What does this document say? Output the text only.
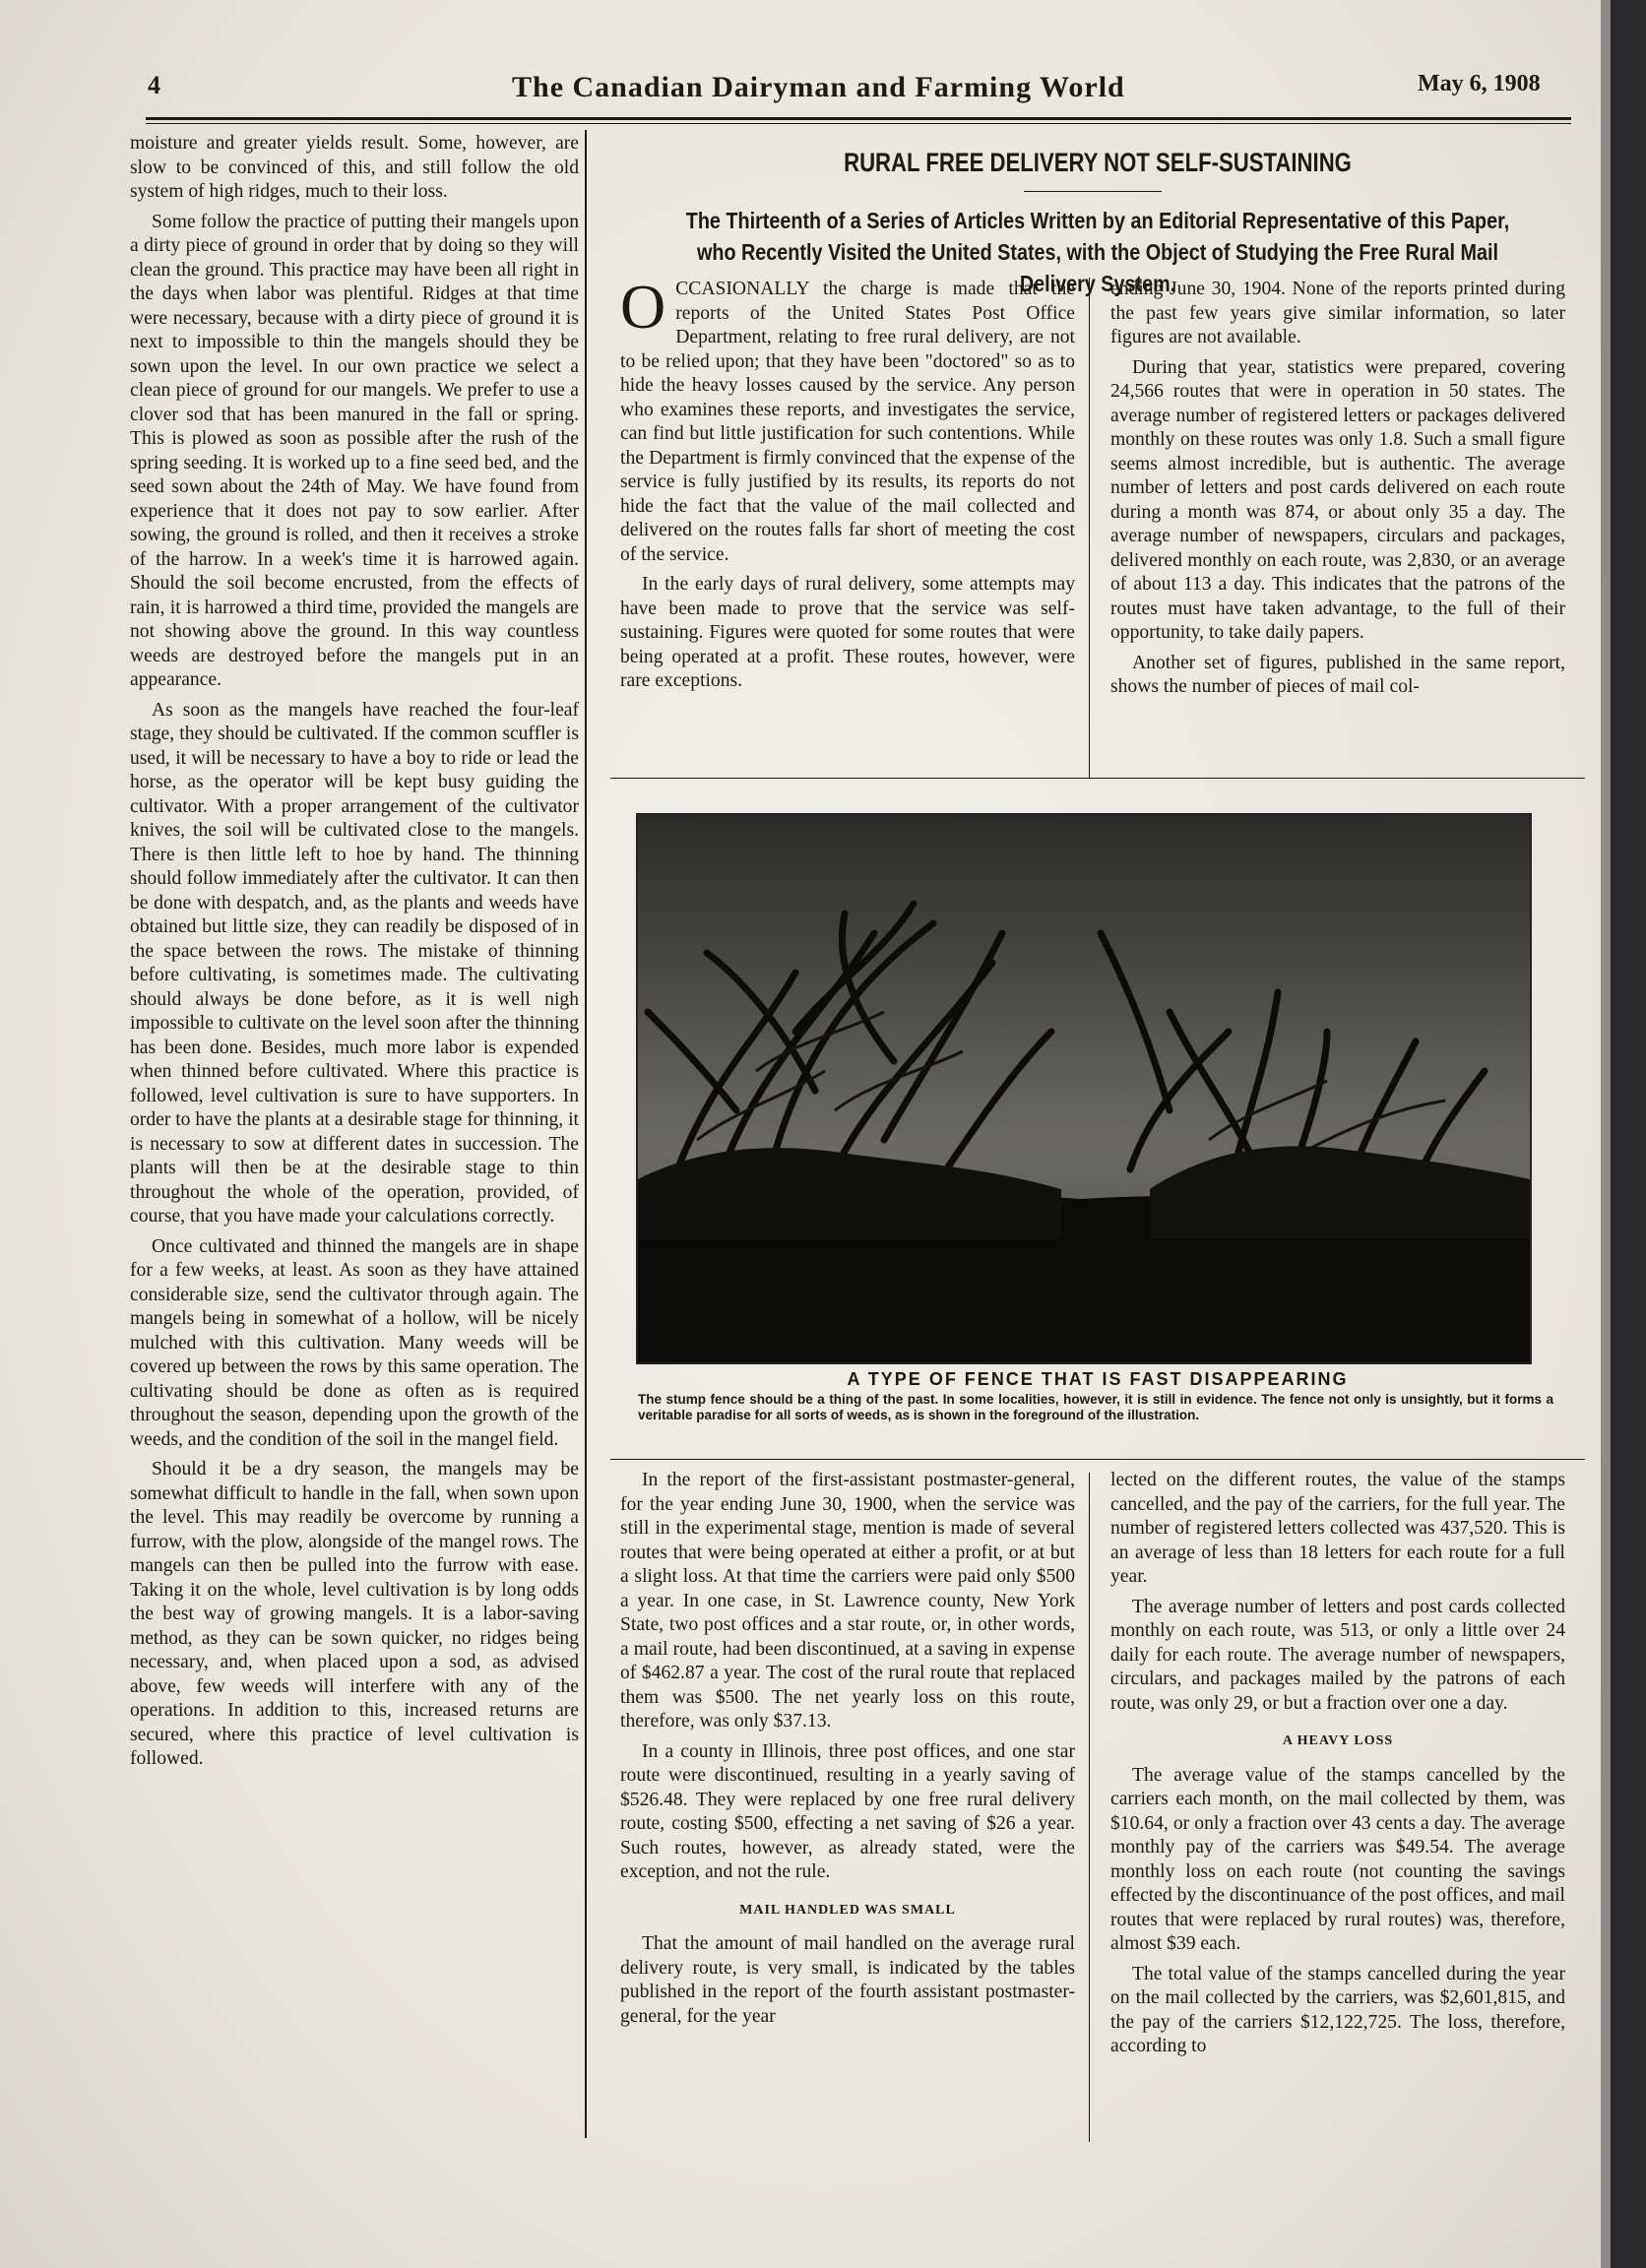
4	The Canadian Dairyman and Farming World	May 6, 1908

moisture and greater yields result. Some, however, are slow to be convinced of this, and still follow the old system of high ridges, much to their loss.

Some follow the practice of putting their mangels upon a dirty piece of ground in order that by doing so they will clean the ground. This practice may have been all right in the days when labor was plentiful. Ridges at that time were necessary, because with a dirty piece of ground it is next to impossible to thin the mangels should they be sown upon the level. In our own practice we select a clean piece of ground for our mangels. We prefer to use a clover sod that has been manured in the fall or spring. This is plowed as soon as possible after the rush of the spring seeding. It is worked up to a fine seed bed, and the seed sown about the 24th of May. We have found from experience that it does not pay to sow earlier. After sowing, the ground is rolled, and then it receives a stroke of the harrow. In a week's time it is harrowed again. Should the soil become encrusted, from the effects of rain, it is harrowed a third time, provided the mangels are not showing above the ground. In this way countless weeds are destroyed before the mangels put in an appearance.

As soon as the mangels have reached the four-leaf stage, they should be cultivated. If the common scuffler is used, it will be necessary to have a boy to ride or lead the horse, as the operator will be kept busy guiding the cultivator. With a proper arrangement of the cultivator knives, the soil will be cultivated close to the mangels. There is then little left to hoe by hand. The thinning should follow immediately after the cultivator. It can then be done with despatch, and, as the plants and weeds have obtained but little size, they can readily be disposed of in the space between the rows. The mistake of thinning before cultivating, is sometimes made. The cultivating should always be done before, as it is well nigh impossible to cultivate on the level soon after the thinning has been done. Besides, much more labor is expended when thinned before cultivated. Where this practice is followed, level cultivation is sure to have supporters. In order to have the plants at a desirable stage for thinning, it is necessary to sow at different dates in succession. The plants will then be at the desirable stage to thin throughout the whole of the operation, provided, of course, that you have made your calculations correctly.

Once cultivated and thinned the mangels are in shape for a few weeks, at least. As soon as they have attained considerable size, send the cultivator through again. The mangels being in somewhat of a hollow, will be nicely mulched with this cultivation. Many weeds will be covered up between the rows by this same operation. The cultivating should be done as often as is required throughout the season, depending upon the growth of the weeds, and the condition of the soil in the mangel field.

Should it be a dry season, the mangels may be somewhat difficult to handle in the fall, when sown upon the level. This may readily be overcome by running a furrow, with the plow, alongside of the mangel rows. The mangels can then be pulled into the furrow with ease. Taking it on the whole, level cultivation is by long odds the best way of growing mangels. It is a labor-saving method, as they can be sown quicker, no ridges being necessary, and, when placed upon a sod, as advised above, few weeds will interfere with any of the operations. In addition to this, increased returns are secured, where this practice of level cultivation is followed.

RURAL FREE DELIVERY NOT SELF-SUSTAINING
The Thirteenth of a Series of Articles Written by an Editorial Representative of this Paper, who Recently Visited the United States, with the Object of Studying the Free Rural Mail Delivery System.

OCCASIONALLY the charge is made that the reports of the United States Post Office Department, relating to free rural delivery, are not to be relied upon; that they have been "doctored" so as to hide the heavy losses caused by the service. Any person who examines these reports, and investigates the service, can find but little justification for such contentions. While the Department is firmly convinced that the expense of the service is fully justified by its results, its reports do not hide the fact that the value of the mail collected and delivered on the routes falls far short of meeting the cost of the service.

In the early days of rural delivery, some attempts may have been made to prove that the service was self-sustaining. Figures were quoted for some routes that were being operated at a profit. These routes, however, were rare exceptions.

ending June 30, 1904. None of the reports printed during the past few years give similar information, so later figures are not available.

During that year, statistics were prepared, covering 24,566 routes that were in operation in 50 states. The average number of registered letters or packages delivered monthly on these routes was only 1.8. Such a small figure seems almost incredible, but is authentic. The average number of letters and post cards delivered on each route during a month was 874, or about only 35 a day. The average number of newspapers, circulars and packages, delivered monthly on each route, was 2,830, or an average of about 113 a day. This indicates that the patrons of the routes must have taken advantage, to the full of their opportunity, to take daily papers.

Another set of figures, published in the same report, shows the number of pieces of mail col-

A TYPE OF FENCE THAT IS FAST DISAPPEARING
The stump fence should be a thing of the past. In some localities, however, it is still in evidence. The fence not only is unsightly, but it forms a veritable paradise for all sorts of weeds, as is shown in the foreground of the illustration.

In the report of the first-assistant postmaster-general, for the year ending June 30, 1900, when the service was still in the experimental stage, mention is made of several routes that were being operated at either a profit, or at but a slight loss. At that time the carriers were paid only $500 a year. In one case, in St. Lawrence county, New York State, two post offices and a star route, or, in other words, a mail route, had been discontinued, at a saving in expense of $462.87 a year. The cost of the rural route that replaced them was $500. The net yearly loss on this route, therefore, was only $37.13.

In a county in Illinois, three post offices, and one star route were discontinued, resulting in a yearly saving of $526.48. They were replaced by one free rural delivery route, costing $500, effecting a net saving of $26 a year. Such routes, however, as already stated, were the exception, and not the rule.

MAIL HANDLED WAS SMALL

That the amount of mail handled on the average rural delivery route, is very small, is indicated by the tables published in the report of the fourth assistant postmaster-general, for the year

lected on the different routes, the value of the stamps cancelled, and the pay of the carriers, for the full year. The number of registered letters collected was 437,520. This is an average of less than 18 letters for each route for a full year.

The average number of letters and post cards collected monthly on each route, was 513, or only a little over 24 daily for each route. The average number of newspapers, circulars, and packages mailed by the patrons of each route, was only 29, or but a fraction over one a day.

A HEAVY LOSS

The average value of the stamps cancelled by the carriers each month, on the mail collected by them, was $10.64, or only a fraction over 43 cents a day. The average monthly pay of the carriers was $49.54. The average monthly loss on each route (not counting the savings effected by the discontinuance of the post offices, and mail routes that were replaced by rural routes) was, therefore, almost $39 each.

The total value of the stamps cancelled during the year on the mail collected by the carriers, was $2,601,815, and the pay of the carriers $12,122,725. The loss, therefore, according to
